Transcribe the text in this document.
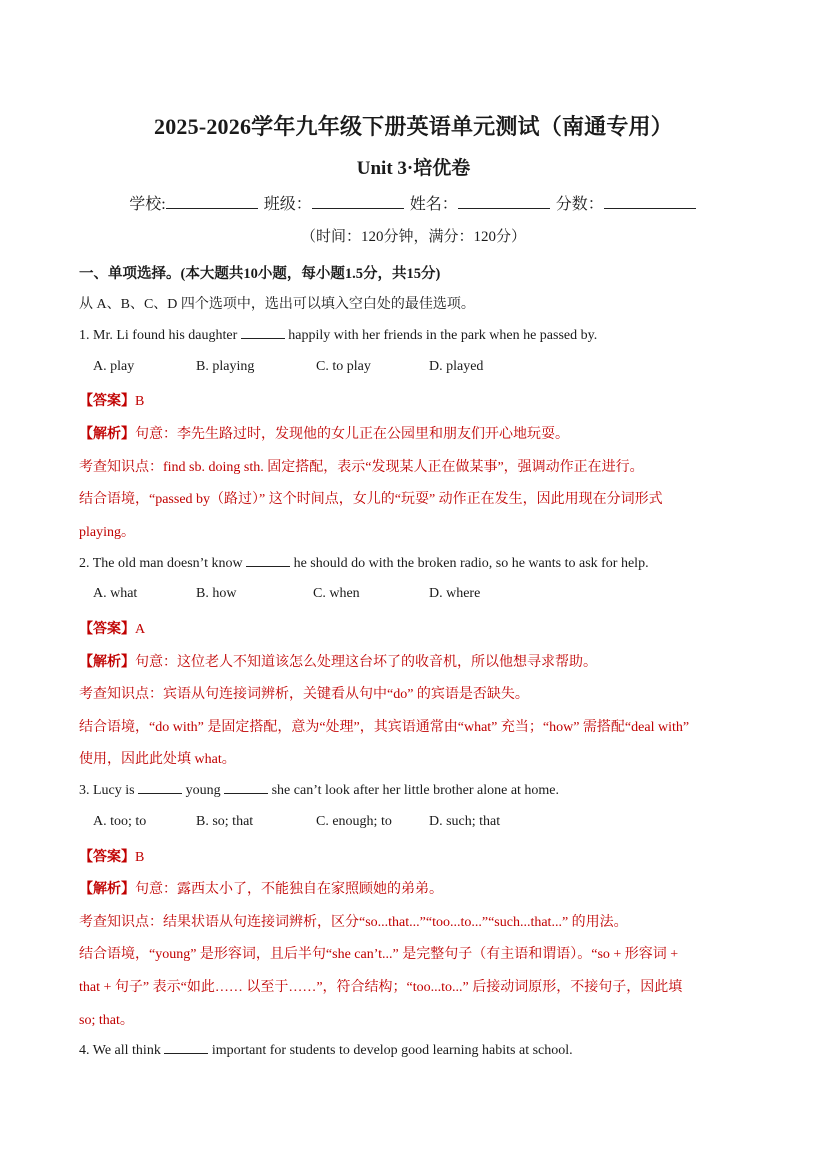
2025-2026学年九年级下册英语单元测试（南通专用）
Unit 3·培优卷
学校:	班级：	姓名：	分数：
（时间：120分钟，满分：120分）
一、单项选择。(本大题共10小题，每小题1.5分，共15分)
从 A、B、C、D 四个选项中，选出可以填入空白处的最佳选项。
1. Mr. Li found his daughter	happily with her friends in the park when he passed by.
A. play	B. playing	C. to play	D. played
【答案】B
【解析】句意：李先生路过时，发现他的女儿正在公园里和朋友们开心地玩耍。
考查知识点：find sb. doing sth. 固定搭配，表示“发现某人正在做某事”，强调动作正在进行。
结合语境，“passed by（路过）” 这个时间点，女儿的“玩耍” 动作正在发生，因此用现在分词形式
playing。
2. The old man doesn’t know	he should do with the broken radio, so he wants to ask for help.
A. what	B. how	C. when	D. where
【答案】A
【解析】句意：这位老人不知道该怎么处理这台坏了的收音机，所以他想寻求帮助。
考查知识点：宾语从句连接词辨析，关键看从句中“do” 的宾语是否缺失。
结合语境，“do with” 是固定搭配，意为“处理”，其宾语通常由“what” 充当；“how” 需搭配“deal with”
使用，因此此处填 what。
3. Lucy is	young	she can’t look after her little brother alone at home.
A. too; to	B. so; that	C. enough; to	D. such; that
【答案】B
【解析】句意：露西太小了，不能独自在家照顾她的弟弟。
考查知识点：结果状语从句连接词辨析，区分“so...that...”“too...to...”“such...that...” 的用法。
结合语境，“young” 是形容词，且后半句“she can’t...” 是完整句子（有主语和谓语）。“so + 形容词 +
that + 句子” 表示“如此…… 以至于……”，符合结构；“too...to...” 后接动词原形，不接句子，因此填
so; that。
4. We all think	important for students to develop good learning habits at school.
